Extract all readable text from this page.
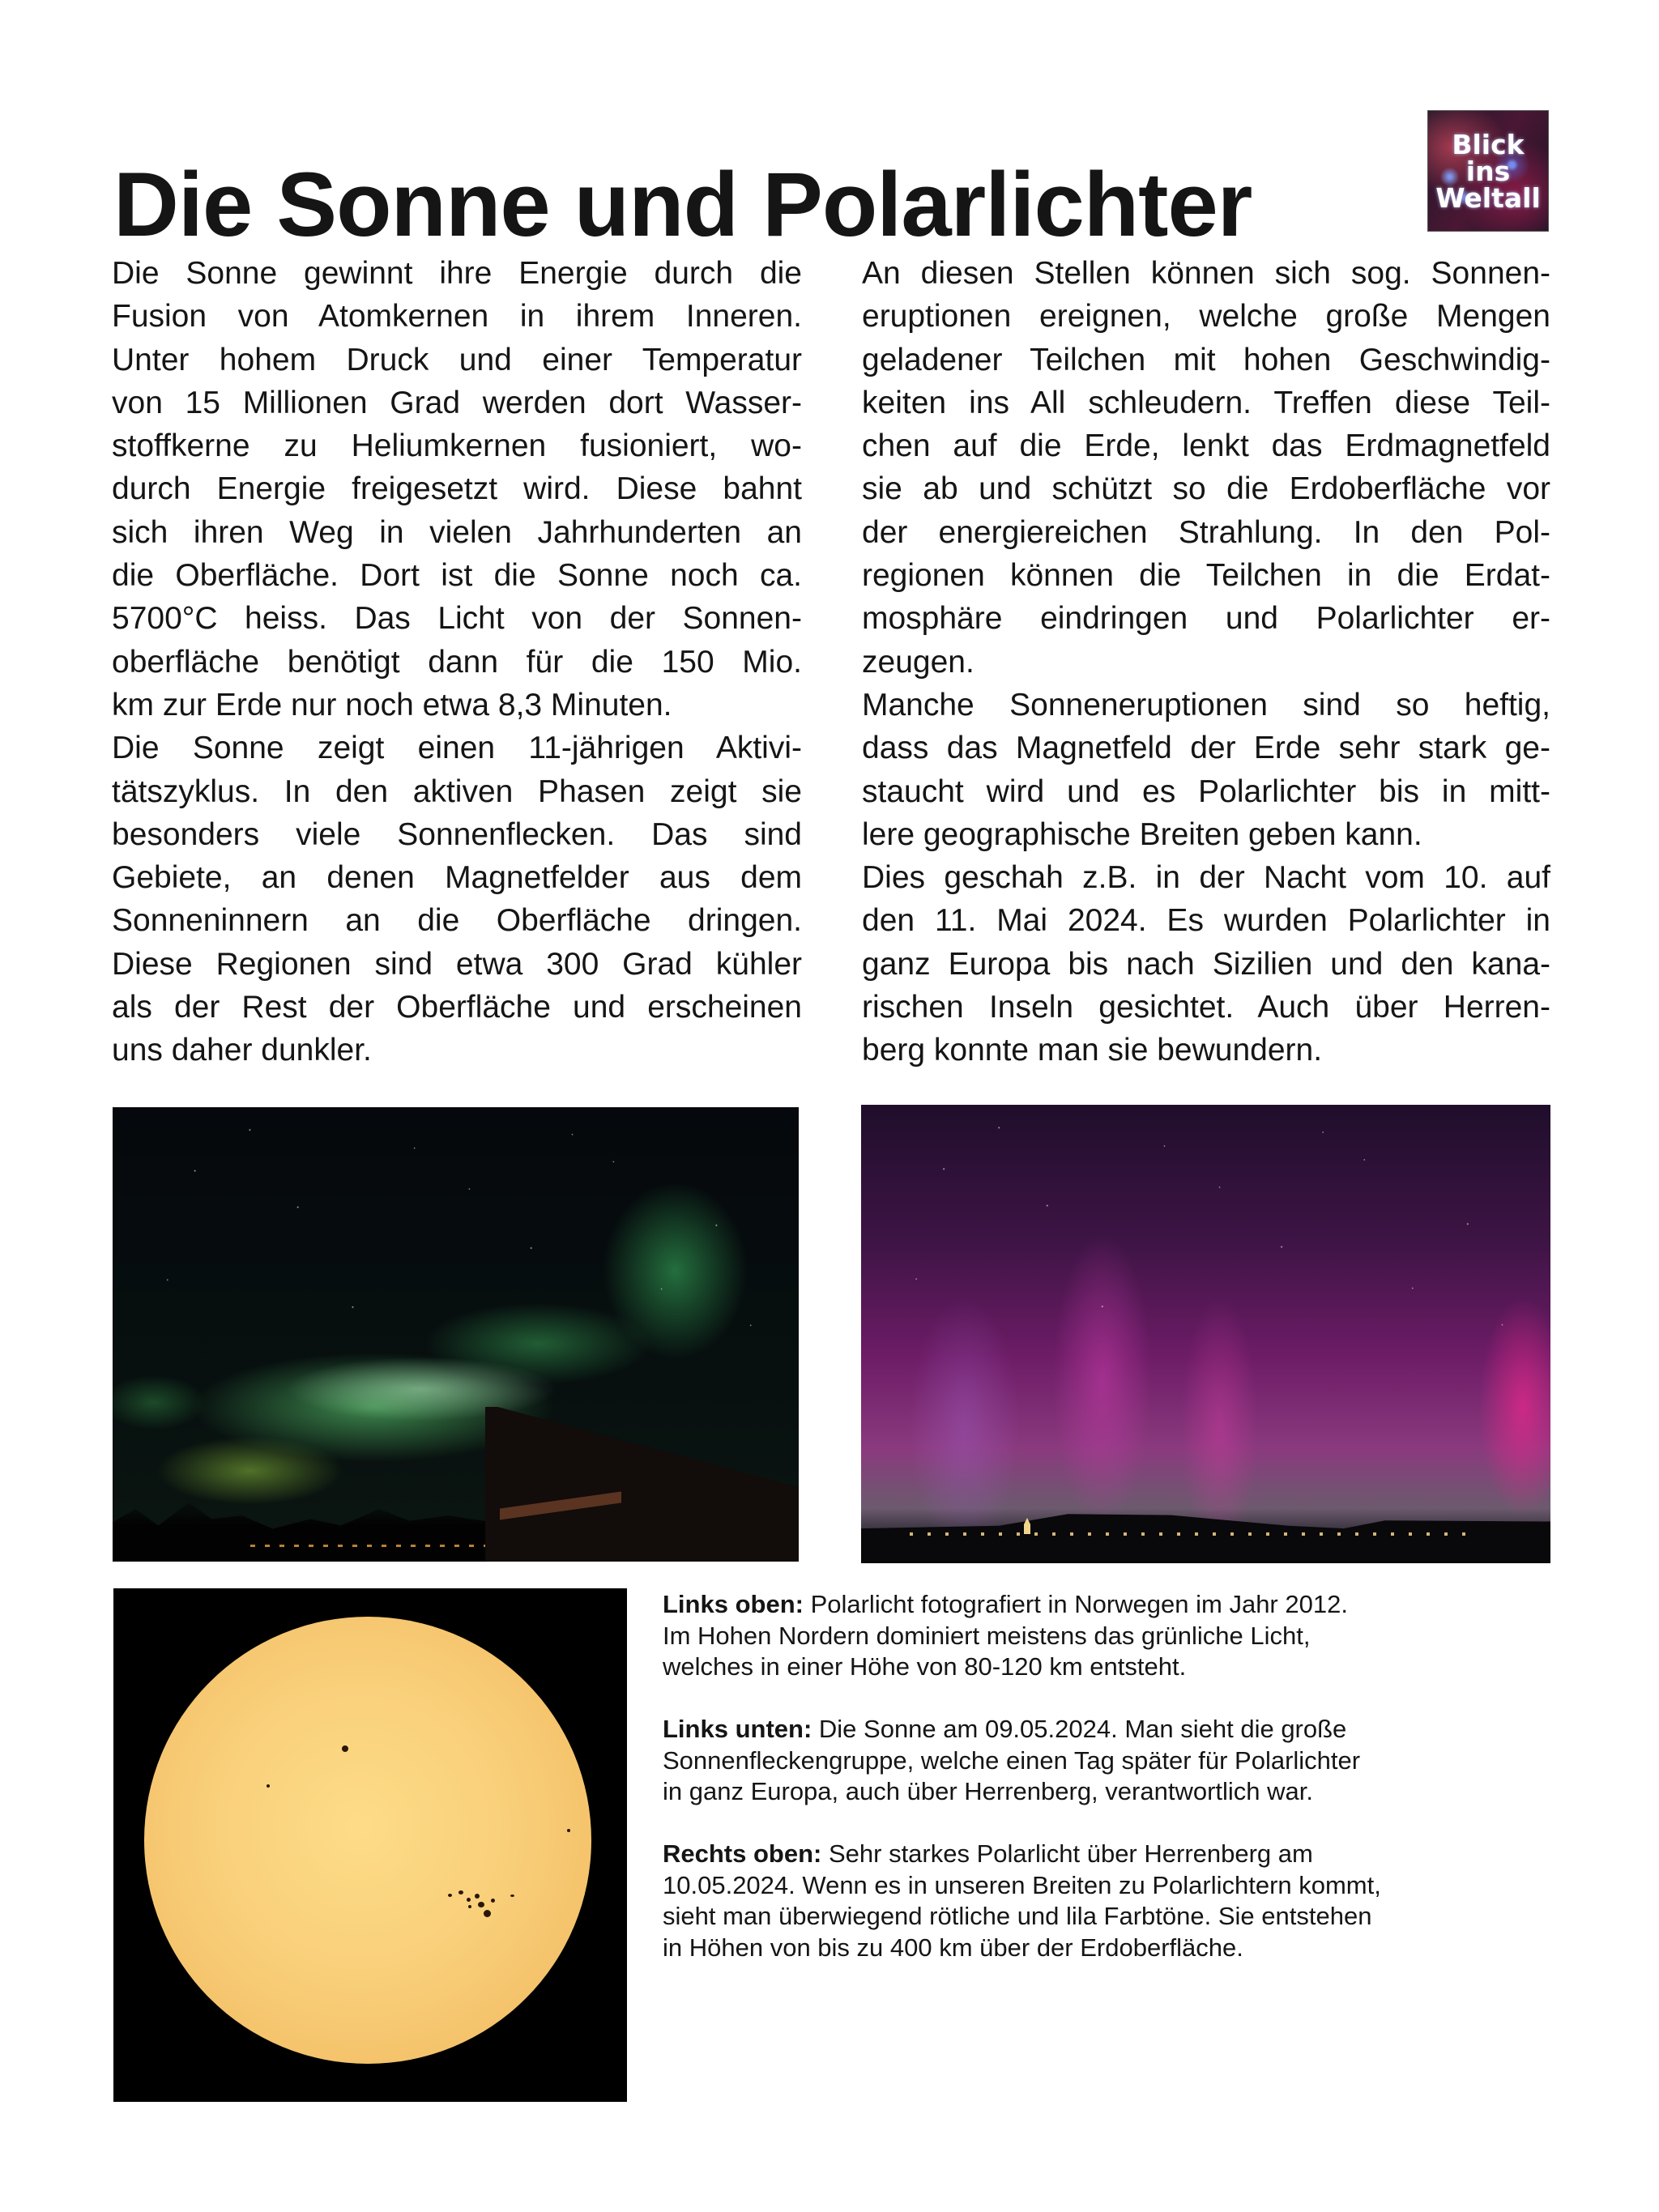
Die Sonne und Polarlichter
Blick
ins
Weltall
Die Sonne gewinnt ihre Energie durch die
Fusion von Atomkernen in ihrem Inneren.
Unter hohem Druck und einer Temperatur
von 15 Millionen Grad werden dort Wasser-
stoffkerne zu Heliumkernen fusioniert, wo-
durch Energie freigesetzt wird. Diese bahnt
sich ihren Weg in vielen Jahrhunderten an
die Oberfläche. Dort ist die Sonne noch ca.
5700°C heiss. Das Licht von der Sonnen-
oberfläche benötigt dann für die 150 Mio.
km zur Erde nur noch etwa 8,3 Minuten.
Die Sonne zeigt einen 11-jährigen Aktivi-
tätszyklus. In den aktiven Phasen zeigt sie
besonders viele Sonnenflecken. Das sind
Gebiete, an denen Magnetfelder aus dem
Sonneninnern an die Oberfläche dringen.
Diese Regionen sind etwa 300 Grad kühler
als der Rest der Oberfläche und erscheinen
uns daher dunkler.
An diesen Stellen können sich sog. Sonnen-
eruptionen ereignen, welche große Mengen
geladener Teilchen mit hohen Geschwindig-
keiten ins All schleudern. Treffen diese Teil-
chen auf die Erde, lenkt das Erdmagnetfeld
sie ab und schützt so die Erdoberfläche vor
der energiereichen Strahlung. In den Pol-
regionen können die Teilchen in die Erdat-
mosphäre eindringen und Polarlichter er-
zeugen.
Manche Sonneneruptionen sind so heftig,
dass das Magnetfeld der Erde sehr stark ge-
staucht wird und es Polarlichter bis in mitt-
lere geographische Breiten geben kann.
Dies geschah z.B. in der Nacht vom 10. auf
den 11. Mai 2024. Es wurden Polarlichter in
ganz Europa bis nach Sizilien und den kana-
rischen Inseln gesichtet. Auch über Herren-
berg konnte man sie bewundern.
Links oben: Polarlicht fotografiert in Norwegen im Jahr 2012.
Im Hohen Nordern dominiert meistens das grünliche Licht,
welches in einer Höhe von 80-120 km entsteht.
Links unten: Die Sonne am 09.05.2024. Man sieht die große
Sonnenfleckengruppe, welche einen Tag später für Polarlichter
in ganz Europa, auch über Herrenberg, verantwortlich war.
Rechts oben: Sehr starkes Polarlicht über Herrenberg am
10.05.2024. Wenn es in unseren Breiten zu Polarlichtern kommt,
sieht man überwiegend rötliche und lila Farbtöne. Sie entstehen
in Höhen von bis zu 400 km über der Erdoberfläche.
